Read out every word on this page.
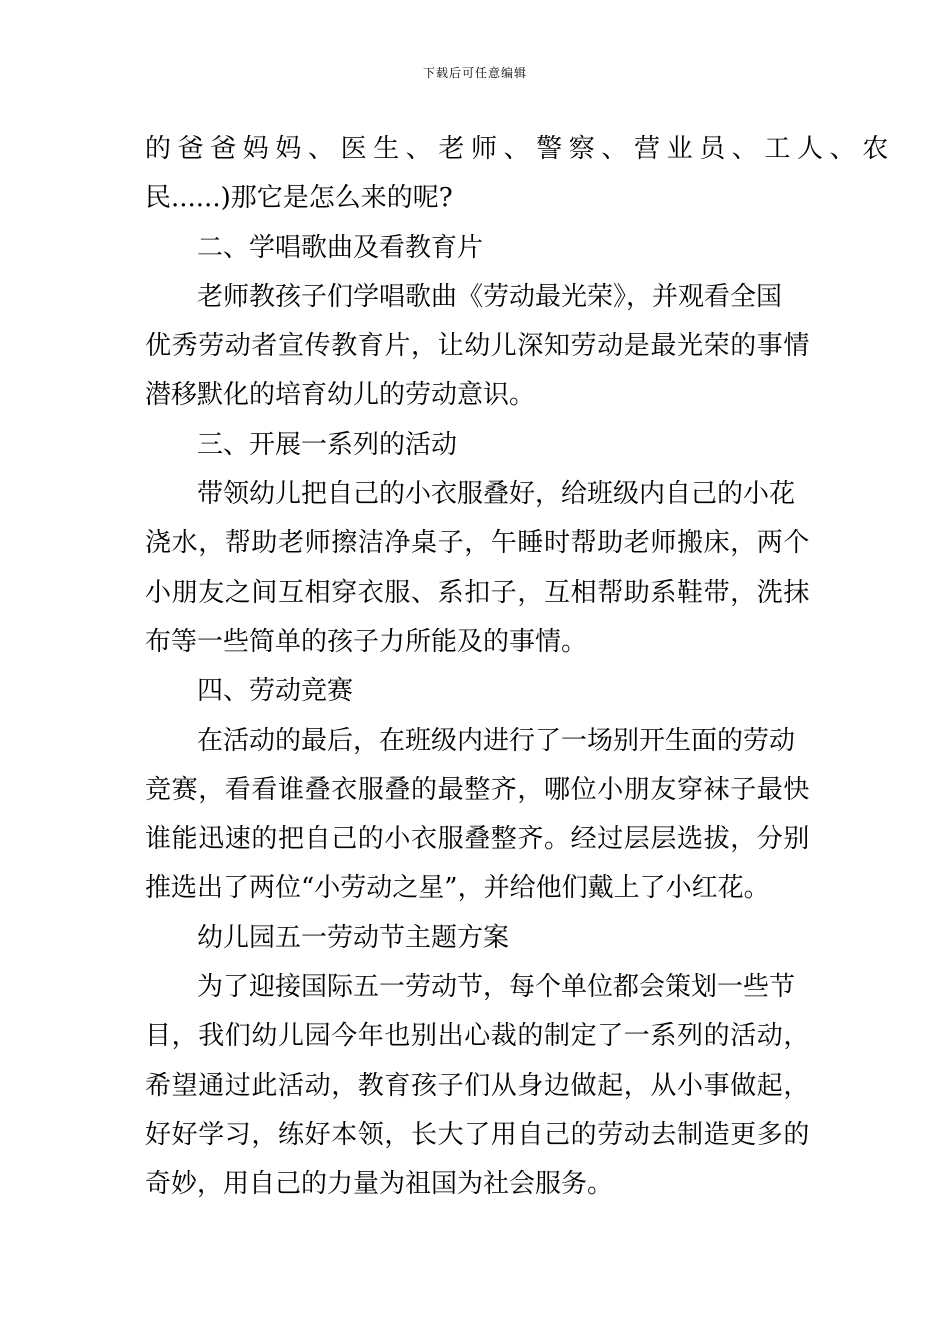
下载后可任意编辑
的爸爸妈妈、医生、老师、警察、营业员、工人、农
民......)那它是怎么来的呢?
二、学唱歌曲及看教育片
老师教孩子们学唱歌曲《劳动最光荣》，并观看全国
优秀劳动者宣传教育片，让幼儿深知劳动是最光荣的事情
潜移默化的培育幼儿的劳动意识。
三、开展一系列的活动
带领幼儿把自己的小衣服叠好，给班级内自己的小花
浇水，帮助老师擦洁净桌子，午睡时帮助老师搬床，两个
小朋友之间互相穿衣服、系扣子，互相帮助系鞋带，洗抹
布等一些简单的孩子力所能及的事情。
四、劳动竞赛
在活动的最后，在班级内进行了一场别开生面的劳动
竞赛，看看谁叠衣服叠的最整齐，哪位小朋友穿袜子最快
谁能迅速的把自己的小衣服叠整齐。经过层层选拔，分别
推选出了两位“小劳动之星”，并给他们戴上了小红花。
幼儿园五一劳动节主题方案
为了迎接国际五一劳动节，每个单位都会策划一些节
目，我们幼儿园今年也别出心裁的制定了一系列的活动，
希望通过此活动，教育孩子们从身边做起，从小事做起，
好好学习，练好本领，长大了用自己的劳动去制造更多的
奇妙，用自己的力量为祖国为社会服务。
